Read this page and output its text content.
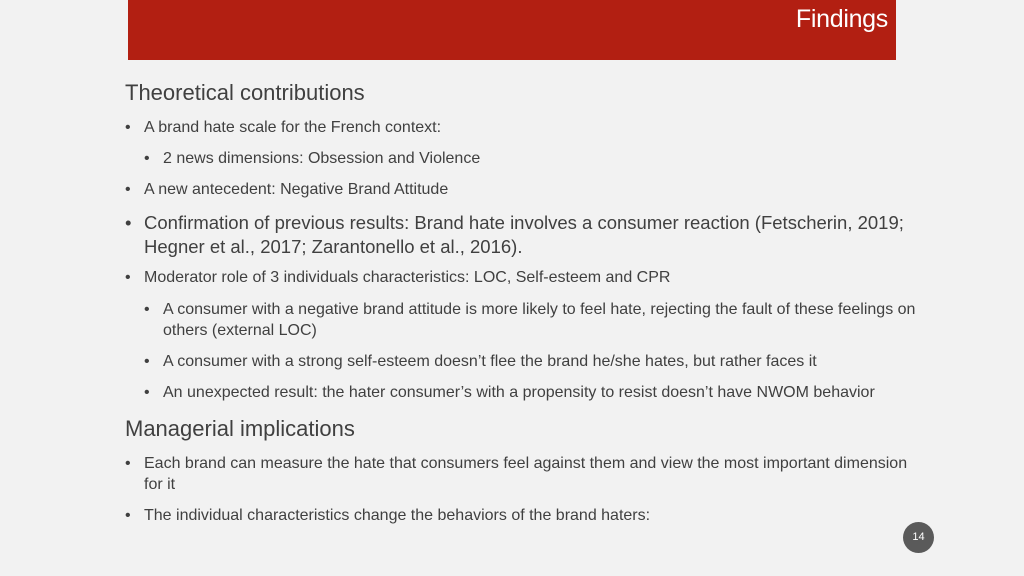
Findings
Theoretical contributions
• A brand hate scale for the French context:
• 2 news dimensions: Obsession and Violence
• A new antecedent: Negative Brand Attitude
• Confirmation of previous results: Brand hate involves a consumer reaction (Fetscherin, 2019;
Hegner et al., 2017; Zarantonello et al., 2016).
• Moderator role of 3 individuals characteristics: LOC, Self-esteem and CPR
• A consumer with a negative brand attitude is more likely to feel hate, rejecting the fault of these feelings on
others (external LOC)
• A consumer with a strong self-esteem doesn’t flee the brand he/she hates, but rather faces it
• An unexpected result: the hater consumer’s with a propensity to resist doesn’t have NWOM behavior
Managerial implications
• Each brand can measure the hate that consumers feel against them and view the most important dimension
for it
• The individual characteristics change the behaviors of the brand haters:
14
